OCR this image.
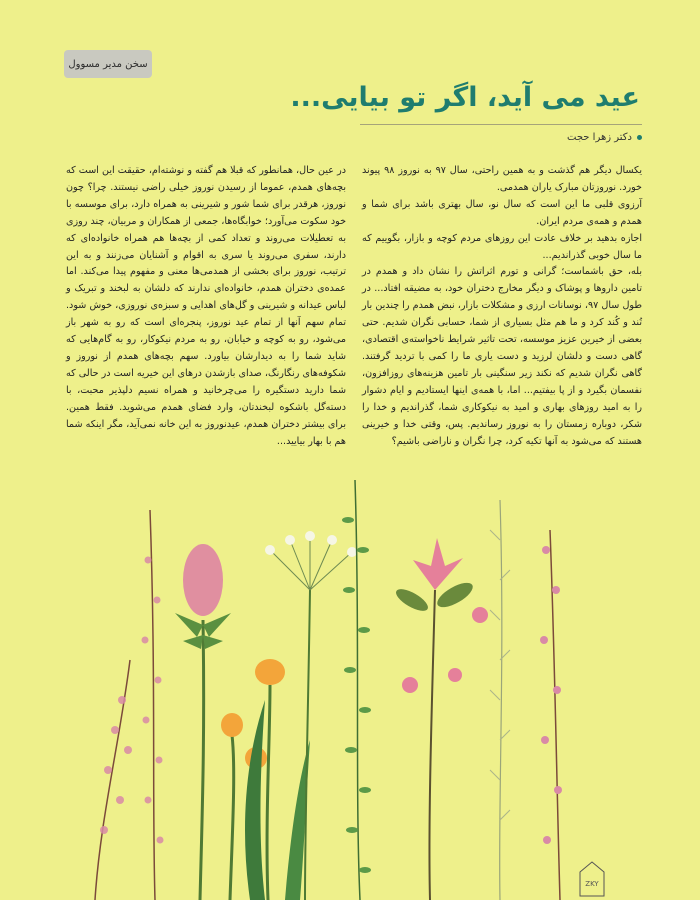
سخن مدیر مسوول
عید می آید، اگر تو بیایی...
دکتر زهرا حجت

یکسال دیگر هم گذشت و به همین راحتی، سال ۹۷ به نوروز ۹۸ پیوند خورد. نوروزتان مبارک یاران همدمی.

آرزوی قلبی ما این است که سال نو، سال بهتری باشد برای شما و همدم و همه‌ی مردم ایران.

اجازه بدهید بر خلاف عادت این روزهای مردم کوچه و بازار، بگوییم که ما سال خوبی گذراندیم...

بله، حق باشماست؛ گرانی و تورم اثراتش را نشان داد و همدم در تامین داروها و پوشاک و دیگر مخارج دختران خود، به مضیقه افتاد... در طول سال ۹۷، نوسانات ارزی و مشکلات بازار، نبض همدم را چندین بار تُند و کُند کرد و ما هم مثل بسیاری از شما، حسابی نگران شدیم. حتی بعضی از خیرین عزیز موسسه، تحت تاثیر شرایط ناخواسته‌ی اقتصادی، گاهی دست و دلشان لرزید و دست یاری ما را کمی با تردید گرفتند. گاهی نگران شدیم که نکند زیر سنگینی بار تامین هزینه‌های روزافزون، نفسمان بگیرد و از پا بیفتیم... اما، با همه‌ی اینها ایستادیم و ایام دشوار را به امید روزهای بهاری و امید به نیکوکاری شما، گذراندیم و خدا را شکر، دوباره زمستان را به نوروز رساندیم. پس، وقتی خدا و خیرینی هستند که می‌شود به آنها تکیه کرد، چرا نگران و ناراضی باشیم؟

در عین حال، همانطور که قبلا هم گفته و نوشته‌ام، حقیقت این است که بچه‌های همدم، عموما از رسیدن نوروز خیلی راضی نیستند. چرا؟ چون نوروز، هرقدر برای شما شور و شیرینی به همراه دارد، برای موسسه با خود سکوت می‌آورد؛ خوابگاه‌ها، جمعی از همکاران و مربیان، چند روزی به تعطیلات می‌روند و تعداد کمی از بچه‌ها هم همراه خانواده‌ای که دارند، سفری می‌روند یا سری به اقوام و آشنایان می‌زنند و به این ترتیب، نوروز برای بخشی از همدمی‌ها معنی و مفهوم پیدا می‌کند. اما عمده‌ی دختران همدم، خانواده‌ای ندارند که دلشان به لبخند و تبریک و لباس عیدانه و شیرینی و گل‌های اهدایی و سبزه‌ی نوروزی، خوش شود. تمام سهم آنها از تمام عید نوروز، پنجره‌ای است که رو به شهر باز می‌شود، رو به کوچه و خیابان، رو به مردم نیکوکار، رو به گام‌هایی که شاید شما را به دیدارشان بیاورد. سهم بچه‌های همدم از نوروز و شکوفه‌های رنگارنگ، صدای بازشدن درهای این خیریه است در حالی که شما دارید دستگیره را می‌چرخانید و همراه نسیم دلپذیر محبت، با دسته‌گل باشکوه لبخندتان، وارد فضای همدم می‌شوید. فقط همین. برای بیشتر دختران همدم، عیدنوروز به این خانه نمی‌آید، مگر اینکه شما هم با بهار بیایید...

ZKY
